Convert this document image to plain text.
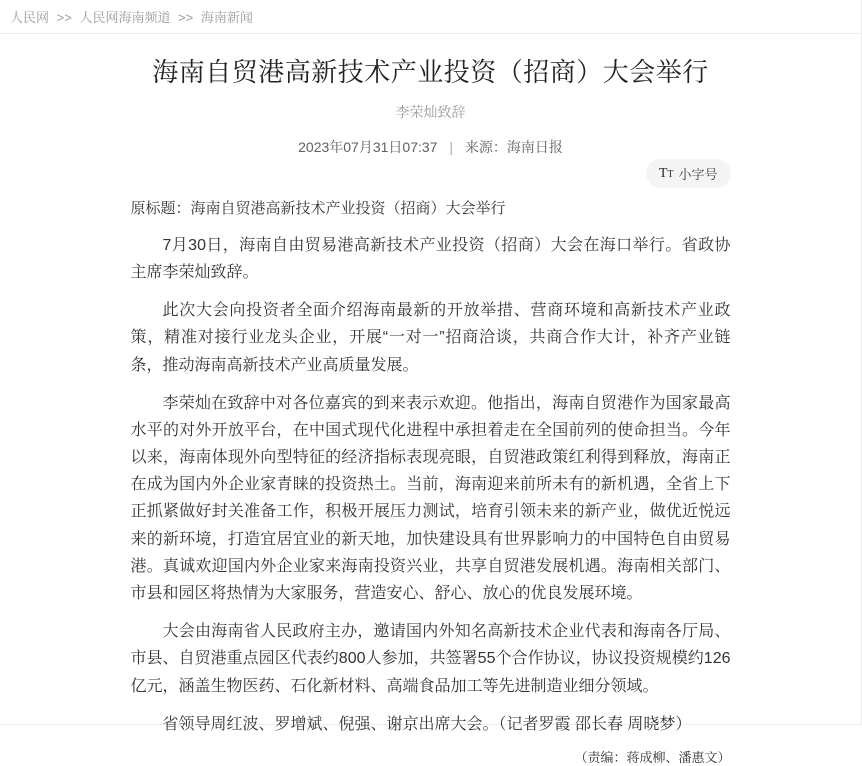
人民网 >> 人民网海南频道 >> 海南新闻
海南自贸港高新技术产业投资（招商）大会举行
李荣灿致辞
2023年07月31日07:37 | 来源：海南日报
TT 小字号

原标题：海南自贸港高新技术产业投资（招商）大会举行

7月30日，海南自由贸易港高新技术产业投资（招商）大会在海口举行。省政协主席李荣灿致辞。

此次大会向投资者全面介绍海南最新的开放举措、营商环境和高新技术产业政策，精准对接行业龙头企业，开展“一对一”招商洽谈，共商合作大计，补齐产业链条，推动海南高新技术产业高质量发展。

李荣灿在致辞中对各位嘉宾的到来表示欢迎。他指出，海南自贸港作为国家最高水平的对外开放平台，在中国式现代化进程中承担着走在全国前列的使命担当。今年以来，海南体现外向型特征的经济指标表现亮眼，自贸港政策红利得到释放，海南正在成为国内外企业家青睐的投资热土。当前，海南迎来前所未有的新机遇，全省上下正抓紧做好封关准备工作，积极开展压力测试，培育引领未来的新产业，做优近悦远来的新环境，打造宜居宜业的新天地，加快建设具有世界影响力的中国特色自由贸易港。真诚欢迎国内外企业家来海南投资兴业，共享自贸港发展机遇。海南相关部门、市县和园区将热情为大家服务，营造安心、舒心、放心的优良发展环境。

大会由海南省人民政府主办，邀请国内外知名高新技术企业代表和海南各厅局、市县、自贸港重点园区代表约800人参加，共签署55个合作协议，协议投资规模约126亿元，涵盖生物医药、石化新材料、高端食品加工等先进制造业细分领域。

省领导周红波、罗增斌、倪强、谢京出席大会。（记者罗霞 邵长春 周晓梦）

（责编：蒋成柳、潘惠文）
